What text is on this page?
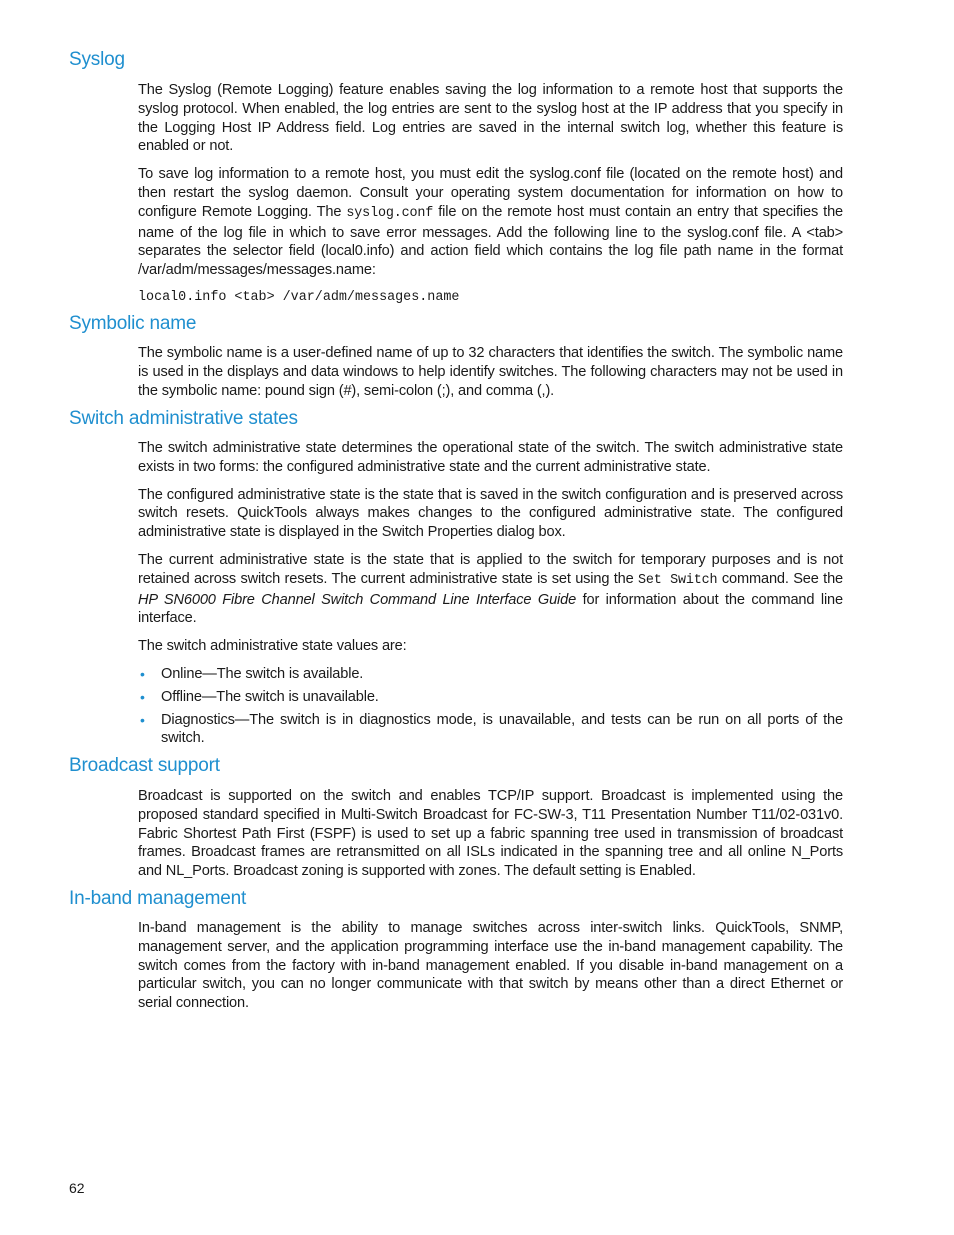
Syslog

The Syslog (Remote Logging) feature enables saving the log information to a remote host that supports the syslog protocol. When enabled, the log entries are sent to the syslog host at the IP address that you specify in the Logging Host IP Address field. Log entries are saved in the internal switch log, whether this feature is enabled or not.

To save log information to a remote host, you must edit the syslog.conf file (located on the remote host) and then restart the syslog daemon. Consult your operating system documentation for information on how to configure Remote Logging. The syslog.conf file on the remote host must contain an entry that specifies the name of the log file in which to save error messages. Add the following line to the syslog.conf file. A <tab> separates the selector field (local0.info) and action field which contains the log file path name in the format /var/adm/messages/messages.name:

local0.info <tab> /var/adm/messages.name

Symbolic name

The symbolic name is a user-defined name of up to 32 characters that identifies the switch. The symbolic name is used in the displays and data windows to help identify switches. The following characters may not be used in the symbolic name: pound sign (#), semi-colon (;), and comma (,).

Switch administrative states

The switch administrative state determines the operational state of the switch. The switch administrative state exists in two forms: the configured administrative state and the current administrative state.

The configured administrative state is the state that is saved in the switch configuration and is preserved across switch resets. QuickTools always makes changes to the configured administrative state. The configured administrative state is displayed in the Switch Properties dialog box.

The current administrative state is the state that is applied to the switch for temporary purposes and is not retained across switch resets. The current administrative state is set using the Set Switch command. See the HP SN6000 Fibre Channel Switch Command Line Interface Guide for information about the command line interface.

The switch administrative state values are:

• Online—The switch is available.
• Offline—The switch is unavailable.
• Diagnostics—The switch is in diagnostics mode, is unavailable, and tests can be run on all ports of the switch.
Broadcast support

Broadcast is supported on the switch and enables TCP/IP support. Broadcast is implemented using the proposed standard specified in Multi-Switch Broadcast for FC-SW-3, T11 Presentation Number T11/02-031v0. Fabric Shortest Path First (FSPF) is used to set up a fabric spanning tree used in transmission of broadcast frames. Broadcast frames are retransmitted on all ISLs indicated in the spanning tree and all online N_Ports and NL_Ports. Broadcast zoning is supported with zones. The default setting is Enabled.

In-band management

In-band management is the ability to manage switches across inter-switch links. QuickTools, SNMP, management server, and the application programming interface use the in-band management capability. The switch comes from the factory with in-band management enabled. If you disable in-band management on a particular switch, you can no longer communicate with that switch by means other than a direct Ethernet or serial connection.

62
